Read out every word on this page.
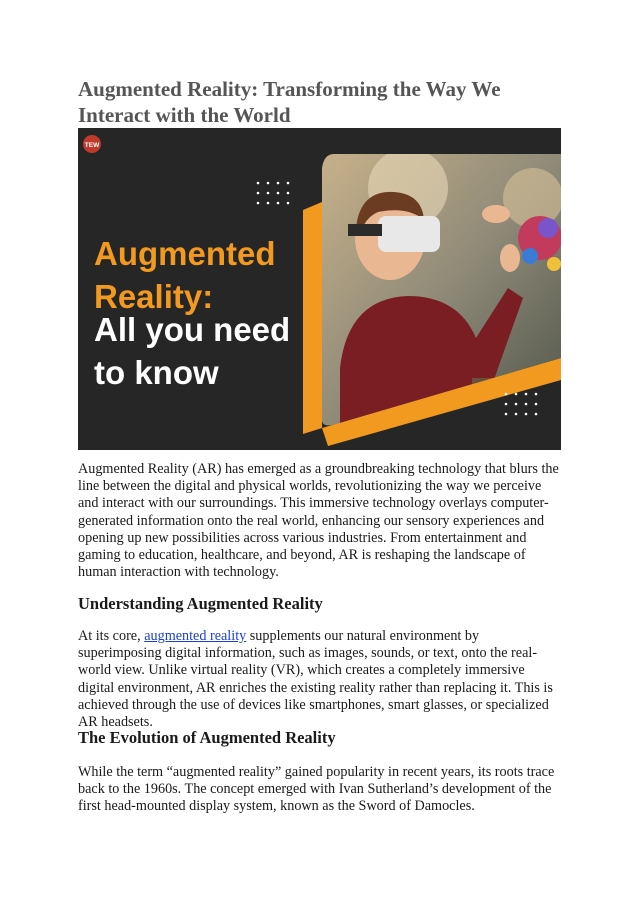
Augmented Reality: Transforming the Way We Interact with the World
TEW
Augmented
Reality:
All you need
to know

Augmented Reality (AR) has emerged as a groundbreaking technology that blurs the line between the digital and physical worlds, revolutionizing the way we perceive and interact with our surroundings. This immersive technology overlays computer-generated information onto the real world, enhancing our sensory experiences and opening up new possibilities across various industries. From entertainment and gaming to education, healthcare, and beyond, AR is reshaping the landscape of human interaction with technology.

Understanding Augmented Reality

At its core, augmented reality supplements our natural environment by superimposing digital information, such as images, sounds, or text, onto the real-world view. Unlike virtual reality (VR), which creates a completely immersive digital environment, AR enriches the existing reality rather than replacing it. This is achieved through the use of devices like smartphones, smart glasses, or specialized AR headsets.

The Evolution of Augmented Reality

While the term “augmented reality” gained popularity in recent years, its roots trace back to the 1960s. The concept emerged with Ivan Sutherland’s development of the first head-mounted display system, known as the Sword of Damocles.
